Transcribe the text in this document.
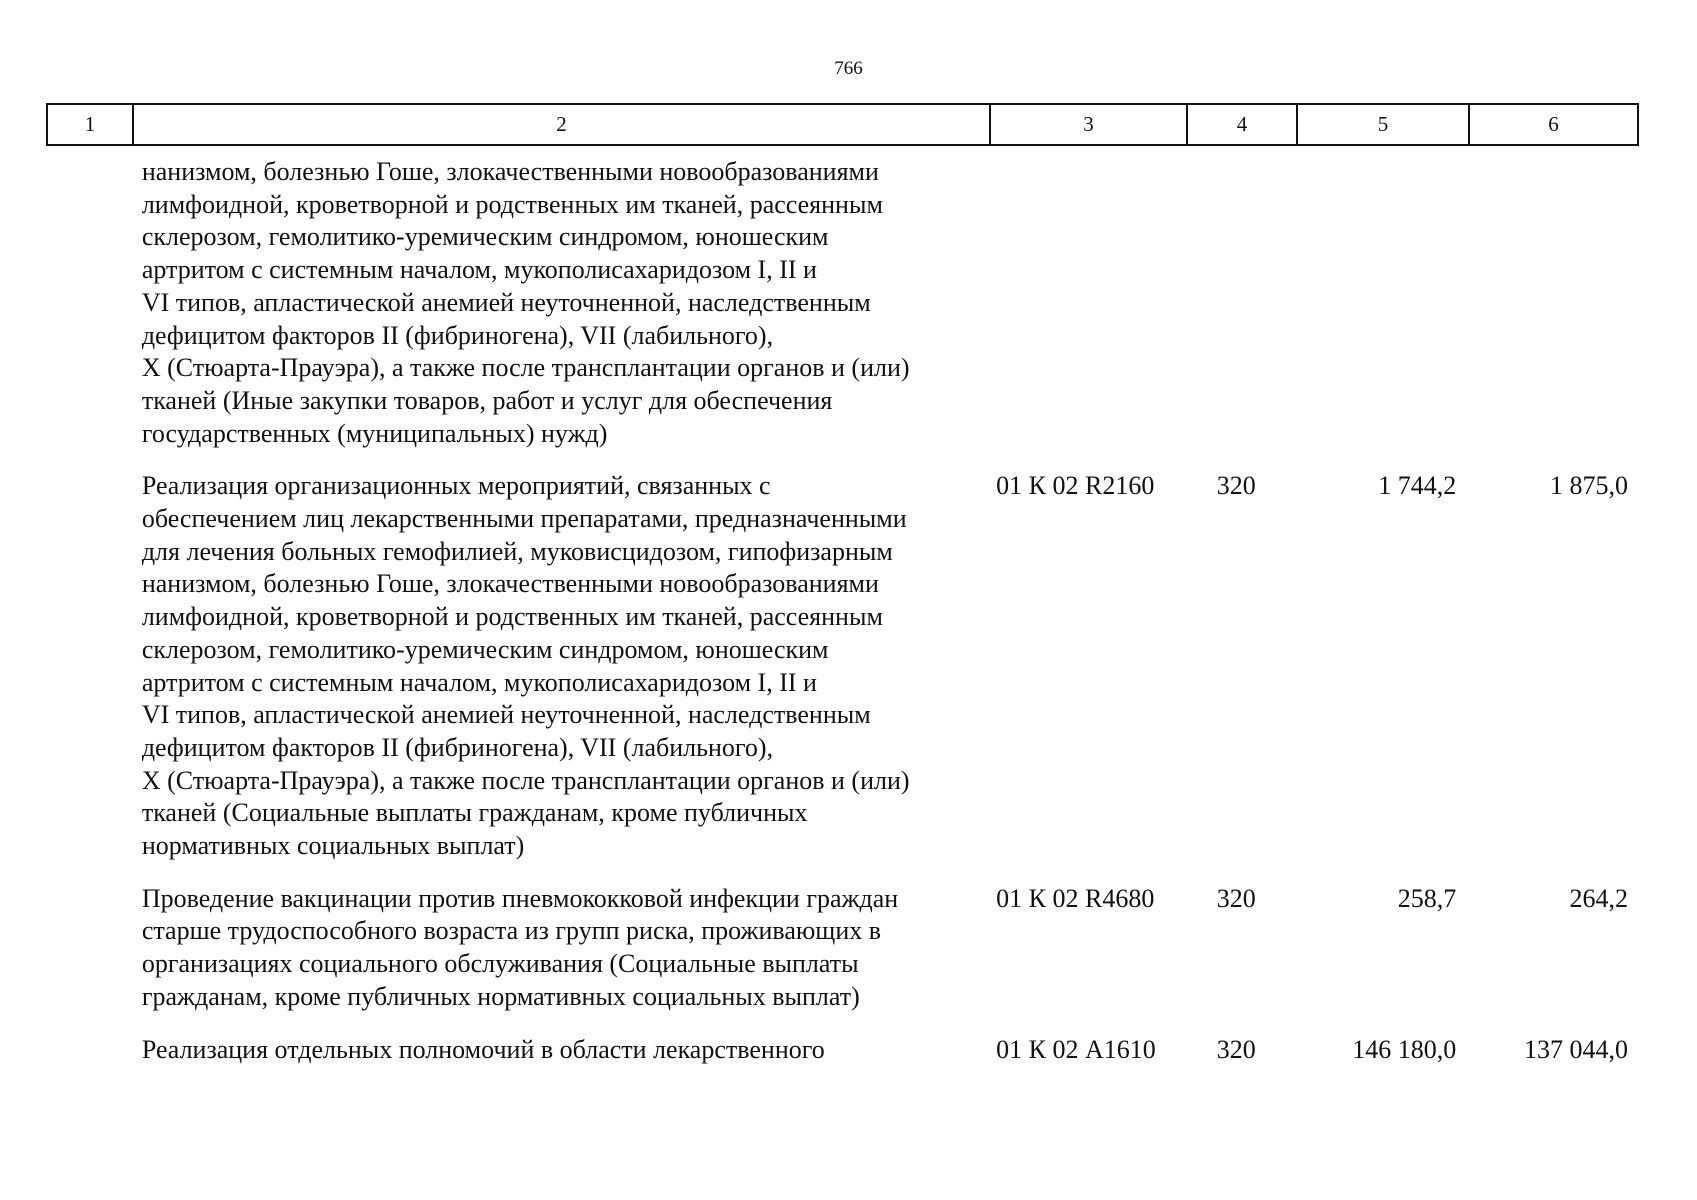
766
1	2	3	4	5	6
нанизмом, болезнью Гоше, злокачественными новообразованиями
лимфоидной, кроветворной и родственных им тканей, рассеянным
склерозом, гемолитико-уремическим синдромом, юношеским
артритом с системным началом, мукополисахаридозом I, II и
VI типов, апластической анемией неуточненной, наследственным
дефицитом факторов II (фибриногена), VII (лабильного),
X (Стюарта-Прауэра), а также после трансплантации органов и (или)
тканей (Иные закупки товаров, работ и услуг для обеспечения
государственных (муниципальных) нужд)
Реализация организационных мероприятий, связанных с
обеспечением лиц лекарственными препаратами, предназначенными
для лечения больных гемофилией, муковисцидозом, гипофизарным
нанизмом, болезнью Гоше, злокачественными новообразованиями
лимфоидной, кроветворной и родственных им тканей, рассеянным
склерозом, гемолитико-уремическим синдромом, юношеским
артритом с системным началом, мукополисахаридозом I, II и
VI типов, апластической анемией неуточненной, наследственным
дефицитом факторов II (фибриногена), VII (лабильного),
X (Стюарта-Прауэра), а также после трансплантации органов и (или)
тканей (Социальные выплаты гражданам, кроме публичных
нормативных социальных выплат)
01 К 02 R2160	320	1 744,2	1 875,0
Проведение вакцинации против пневмококковой инфекции граждан
старше трудоспособного возраста из групп риска, проживающих в
организациях социального обслуживания (Социальные выплаты
гражданам, кроме публичных нормативных социальных выплат)
01 К 02 R4680	320	258,7	264,2
Реализация отдельных полномочий в области лекарственного	01 К 02 А1610	320	146 180,0	137 044,0
